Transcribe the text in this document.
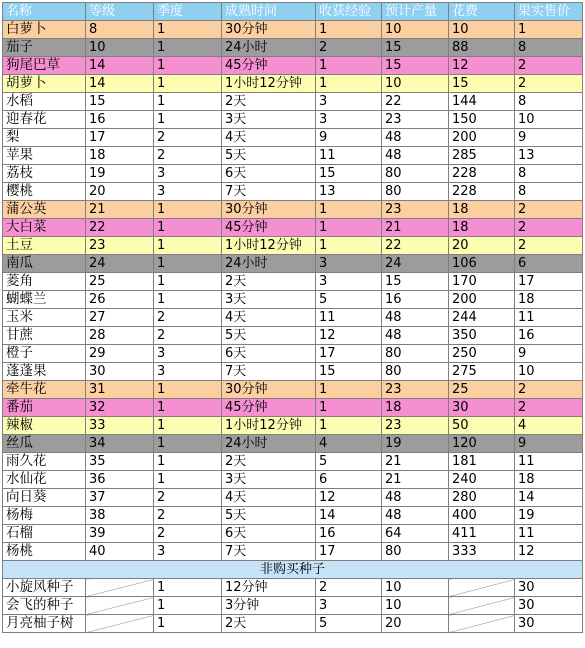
名称	等级	季度	成熟时间	收获经验	预计产量	花费	果实售价
白萝卜	8	1	30分钟	1	10	10	1
茄子	10	1	24小时	2	15	88	8
狗尾巴草	14	1	45分钟	1	15	12	2
胡萝卜	14	1	1小时12分钟	1	10	15	2
水稻	15	1	2天	3	22	144	8
迎春花	16	1	3天	3	23	150	10
梨	17	2	4天	9	48	200	9
苹果	18	2	5天	11	48	285	13
荔枝	19	3	6天	15	80	228	8
樱桃	20	3	7天	13	80	228	8
蒲公英	21	1	30分钟	1	23	18	2
大白菜	22	1	45分钟	1	21	18	2
土豆	23	1	1小时12分钟	1	22	20	2
南瓜	24	1	24小时	3	24	106	6
菱角	25	1	2天	3	15	170	17
蝴蝶兰	26	1	3天	5	16	200	18
玉米	27	2	4天	11	48	244	11
甘蔗	28	2	5天	12	48	350	16
橙子	29	3	6天	17	80	250	9
蓬蓬果	30	3	7天	15	80	275	10
牵牛花	31	1	30分钟	1	23	25	2
番茄	32	1	45分钟	1	18	30	2
辣椒	33	1	1小时12分钟	1	23	50	4
丝瓜	34	1	24小时	4	19	120	9
雨久花	35	1	2天	5	21	181	11
水仙花	36	1	3天	6	21	240	18
向日葵	37	2	4天	12	48	280	14
杨梅	38	2	5天	14	48	400	19
石榴	39	2	6天	16	64	411	11
杨桃	40	3	7天	17	80	333	12
非购买种子							
小旋风种子		1	12分钟	2	10		30
会飞的种子		1	3分钟	3	10		30
月亮柚子树		1	2天	5	20		30
